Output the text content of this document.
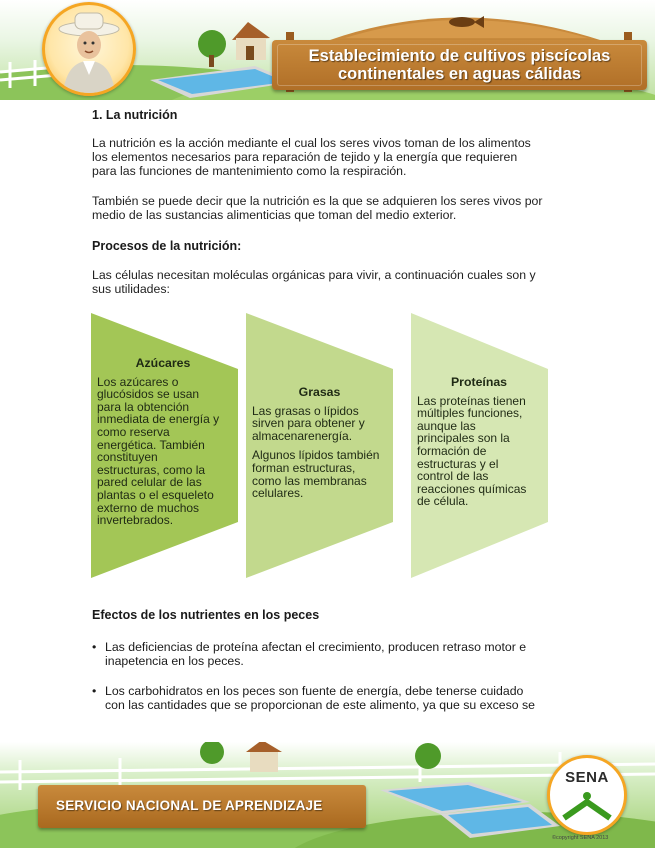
Establecimiento de cultivos piscícolas
continentales en aguas cálidas
1. La nutrición
La nutrición es la acción mediante el cual los seres vivos toman de los alimentos
los elementos necesarios para reparación de tejido y la energía que requieren
para las funciones de mantenimiento como la respiración.
También se puede decir que la nutrición es la que se adquieren los seres vivos por
medio de las sustancias alimenticias que toman del medio exterior.
Procesos de la nutrición:
Las células necesitan moléculas orgánicas para vivir, a continuación cuales son y
sus utilidades:
Efectos de los nutrientes en los peces
• Las deficiencias de proteína afectan el crecimiento, producen retraso motor e
inapetencia en los peces.
• Los carbohidratos en los peces son fuente de energía, debe tenerse cuidado
con las cantidades que se proporcionan de este alimento, ya que su exceso se
Azúcares
Los azúcares o
glucósidos se usan
para la obtención
inmediata de energía y
como reserva
energética. También
constituyen
estructuras, como la
pared celular de las
plantas o el esqueleto
externo de muchos
invertebrados.
Grasas
Las grasas o lípidos
sirven para obtener y
almacenarenergía.
Algunos lípidos también
forman estructuras,
como las membranas
celulares.
Proteínas
Las proteínas tienen
múltiples funciones,
aunque las
principales son la
formación de
estructuras y el
control de las
reacciones químicas
de célula.
SERVICIO NACIONAL DE APRENDIZAJE
SENA
©copyright SENA 2013
